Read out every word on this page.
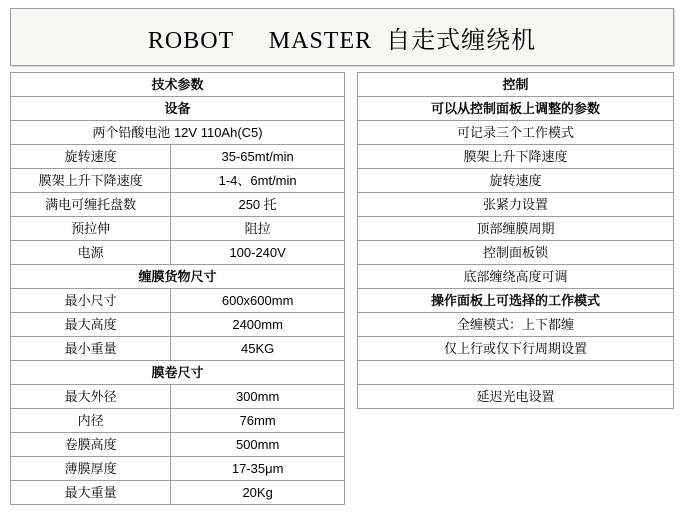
ROBOT     MASTER  自走式缠绕机
技术参数	
设备	
两个铅酸电池 12V 110Ah(C5)	
旋转速度	35-65mt/min
膜架上升下降速度	1-4、6mt/min
满电可缠托盘数	250 托
预拉伸	阻拉
电源	100-240V
缠膜货物尺寸	
最小尺寸	600x600mm
最大高度	2400mm
最小重量	45KG
膜卷尺寸	
最大外径	300mm
内径	76mm
卷膜高度	500mm
薄膜厚度	17-35μm
最大重量	20Kg
控制
可以从控制面板上调整的参数
可记录三个工作模式
膜架上升下降速度
旋转速度
张紧力设置
顶部缠膜周期
控制面板锁
底部缠绕高度可调
操作面板上可选择的工作模式
全缠模式：上下都缠
仅上行或仅下行周期设置

延迟光电设置
